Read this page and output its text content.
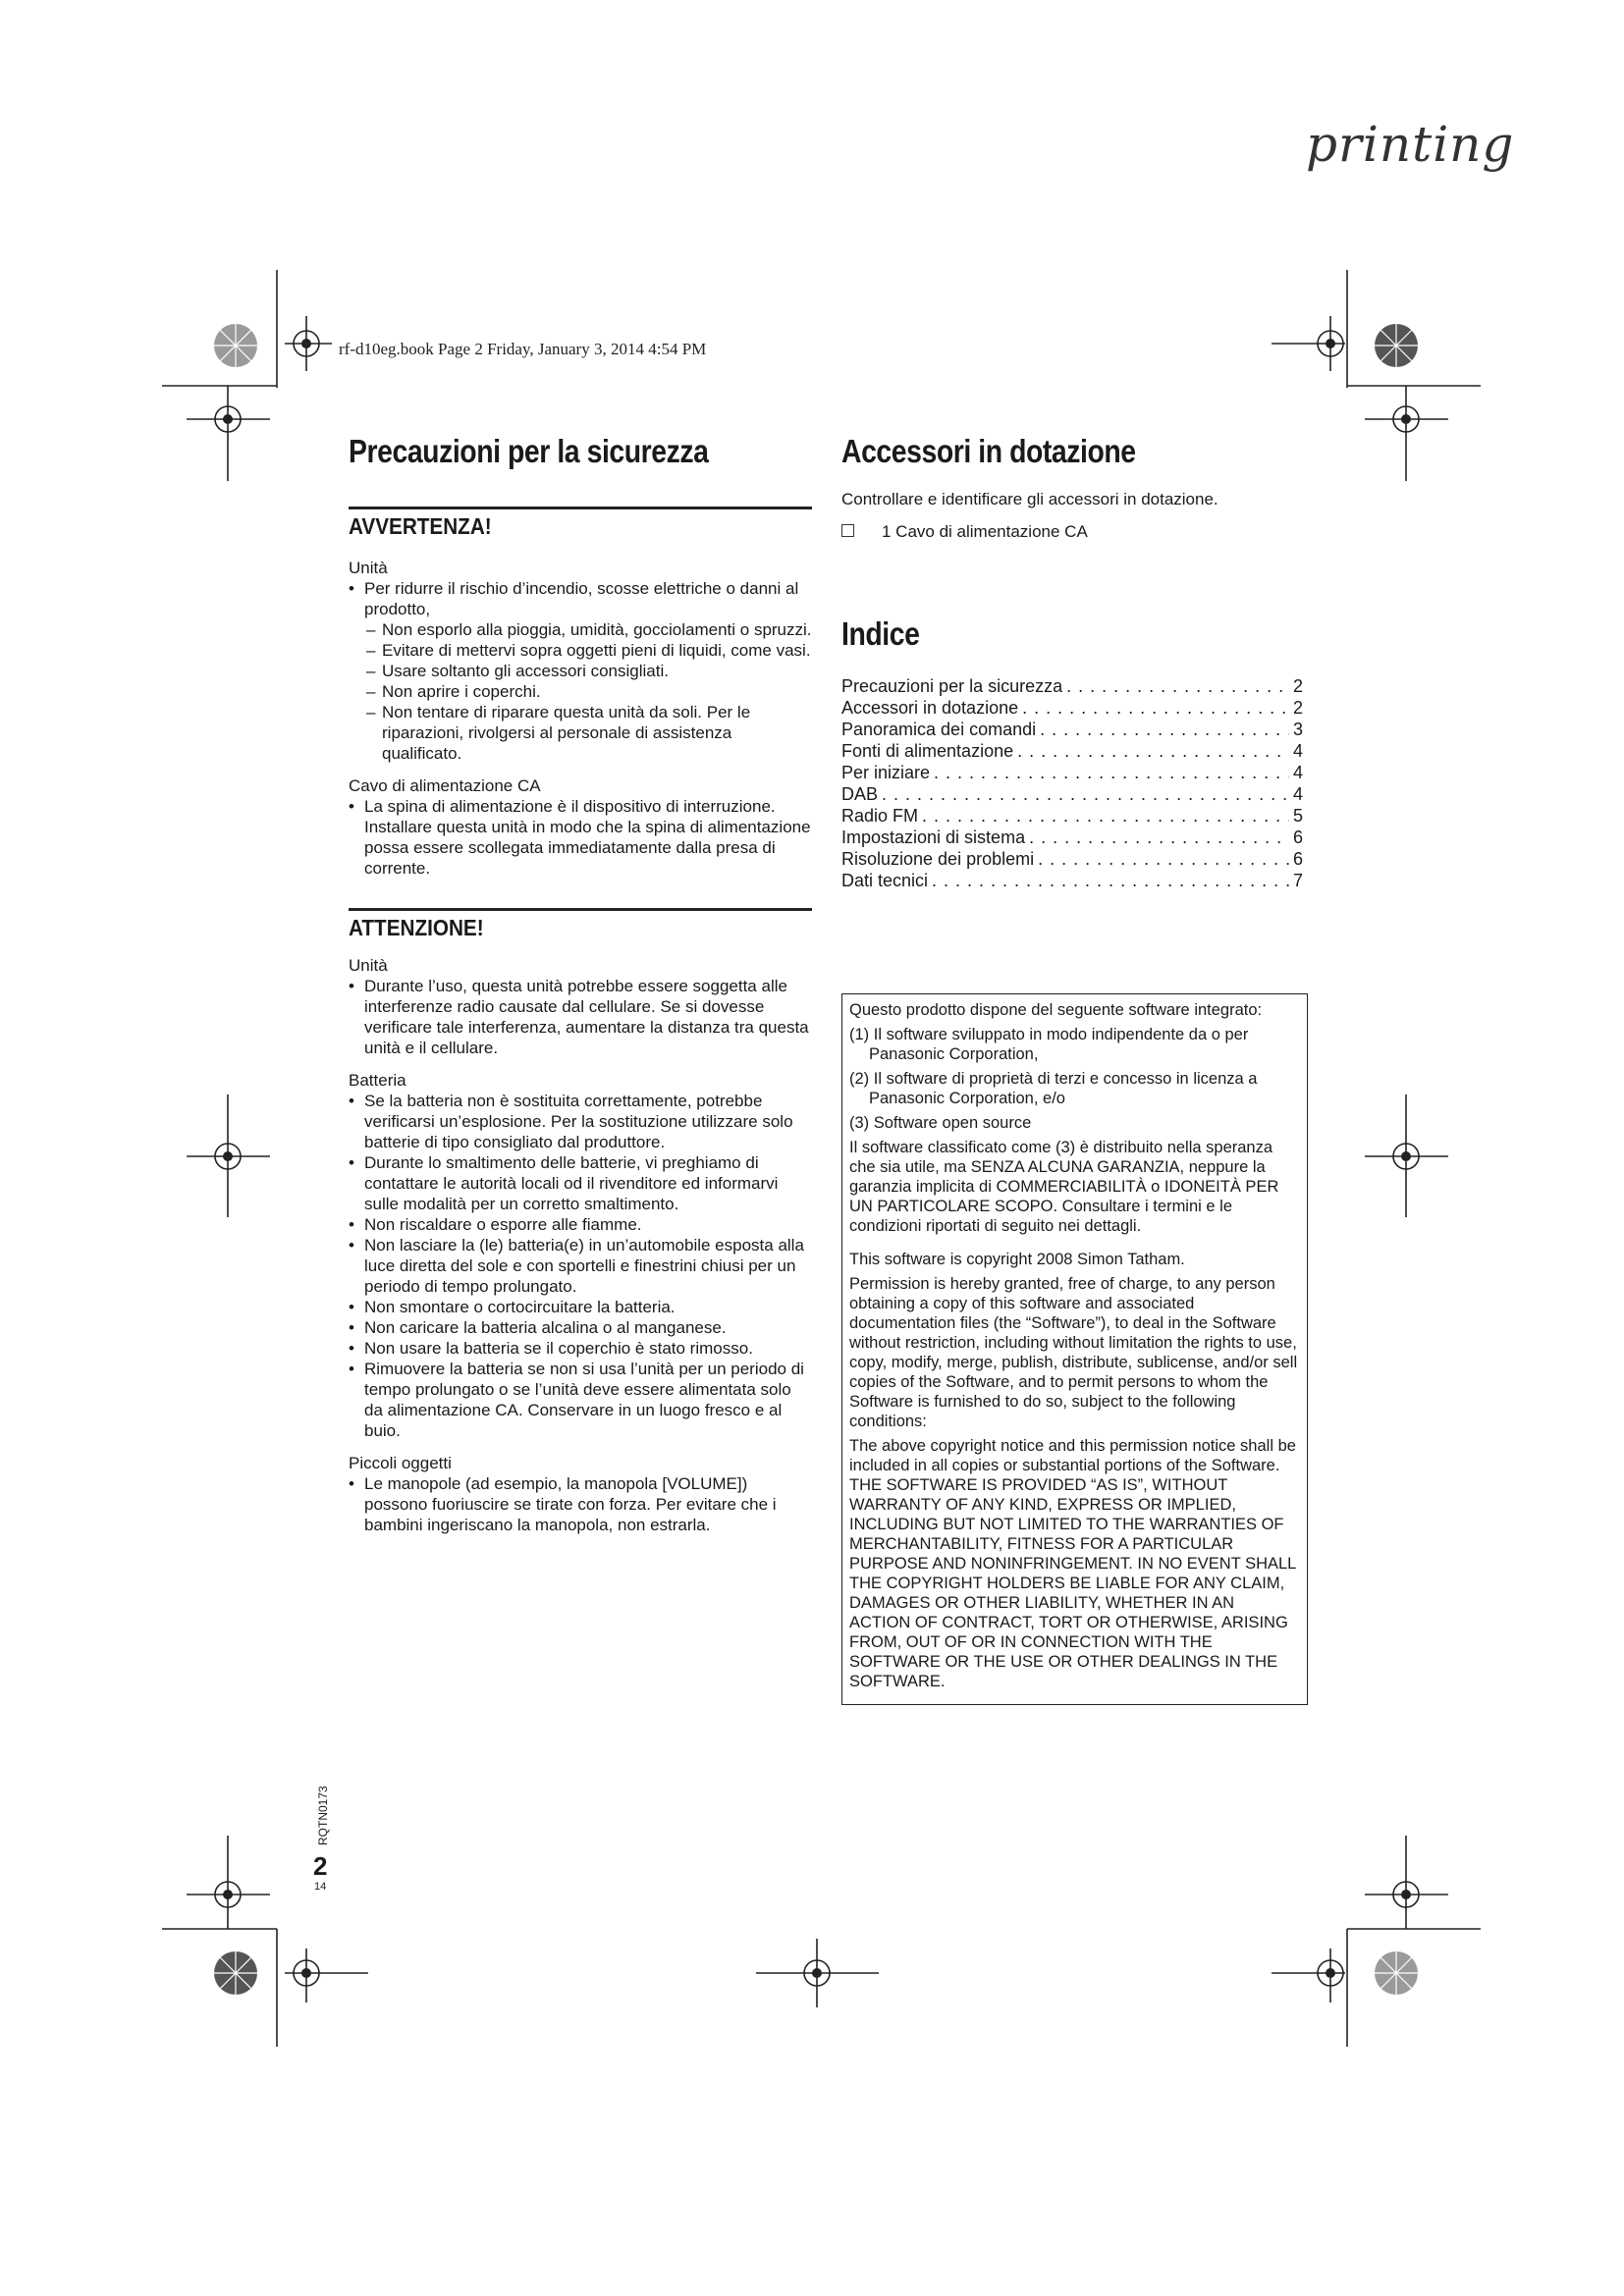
printing
rf-d10eg.book Page 2 Friday, January 3, 2014 4:54 PM
Precauzioni per la sicurezza
AVVERTENZA!

Unità

• Per ridurre il rischio d’incendio, scosse elettriche o danni al prodotto,

– Non esporlo alla pioggia, umidità, gocciolamenti o spruzzi.

– Evitare di mettervi sopra oggetti pieni di liquidi, come vasi.

– Usare soltanto gli accessori consigliati.

– Non aprire i coperchi.

– Non tentare di riparare questa unità da soli. Per le riparazioni, rivolgersi al personale di assistenza qualificato.

Cavo di alimentazione CA

• La spina di alimentazione è il dispositivo di interruzione. Installare questa unità in modo che la spina di alimentazione possa essere scollegata immediatamente dalla presa di corrente.

ATTENZIONE!

Unità

• Durante l’uso, questa unità potrebbe essere soggetta alle interferenze radio causate dal cellulare. Se si dovesse verificare tale interferenza, aumentare la distanza tra questa unità e il cellulare.

Batteria

• Se la batteria non è sostituita correttamente, potrebbe verificarsi un’esplosione. Per la sostituzione utilizzare solo batterie di tipo consigliato dal produttore.

• Durante lo smaltimento delle batterie, vi preghiamo di contattare le autorità locali od il rivenditore ed informarvi sulle modalità per un corretto smaltimento.

• Non riscaldare o esporre alle fiamme.

• Non lasciare la (le) batteria(e) in un’automobile esposta alla luce diretta del sole e con sportelli e finestrini chiusi per un periodo di tempo prolungato.

• Non smontare o cortocircuitare la batteria.

• Non caricare la batteria alcalina o al manganese.

• Non usare la batteria se il coperchio è stato rimosso.

• Rimuovere la batteria se non si usa l’unità per un periodo di tempo prolungato o se l’unità deve essere alimentata solo da alimentazione CA. Conservare in un luogo fresco e al buio.

Piccoli oggetti

• Le manopole (ad esempio, la manopola [VOLUME]) possono fuoriuscire se tirate con forza. Per evitare che i bambini ingeriscano la manopola, non estrarla.

Accessori in dotazione

Controllare e identificare gli accessori in dotazione.

1 Cavo di alimentazione CA

Indice
Precauzioni per la sicurezza . . .	2
Accessori in dotazione . . .	2
Panoramica dei comandi . . .	3
Fonti di alimentazione . . .	4
Per iniziare . . .	4
DAB . . .	4
Radio FM . . .	5
Impostazioni di sistema . . .	6
Risoluzione dei problemi . . .	6
Dati tecnici . . .	7

Questo prodotto dispone del seguente software integrato:

(1) Il software sviluppato in modo indipendente da o per Panasonic Corporation,

(2) Il software di proprietà di terzi e concesso in licenza a Panasonic Corporation, e/o

(3) Software open source

Il software classificato come (3) è distribuito nella speranza che sia utile, ma SENZA ALCUNA GARANZIA, neppure la garanzia implicita di COMMERCIABILITÀ o IDONEITÀ PER UN PARTICOLARE SCOPO. Consultare i termini e le condizioni riportati di seguito nei dettagli.

This software is copyright 2008 Simon Tatham.

Permission is hereby granted, free of charge, to any person obtaining a copy of this software and associated documentation files (the “Software”), to deal in the Software without restriction, including without limitation the rights to use, copy, modify, merge, publish, distribute, sublicense, and/or sell copies of the Software, and to permit persons to whom the Software is furnished to do so, subject to the following conditions:

The above copyright notice and this permission notice shall be included in all copies or substantial portions of the Software.

THE SOFTWARE IS PROVIDED “AS IS”, WITHOUT WARRANTY OF ANY KIND, EXPRESS OR IMPLIED, INCLUDING BUT NOT LIMITED TO THE WARRANTIES OF MERCHANTABILITY, FITNESS FOR A PARTICULAR PURPOSE AND NONINFRINGEMENT. IN NO EVENT SHALL THE COPYRIGHT HOLDERS BE LIABLE FOR ANY CLAIM, DAMAGES OR OTHER LIABILITY, WHETHER IN AN ACTION OF CONTRACT, TORT OR OTHERWISE, ARISING FROM, OUT OF OR IN CONNECTION WITH THE SOFTWARE OR THE USE OR OTHER DEALINGS IN THE SOFTWARE.

RQTN0173
2
14
